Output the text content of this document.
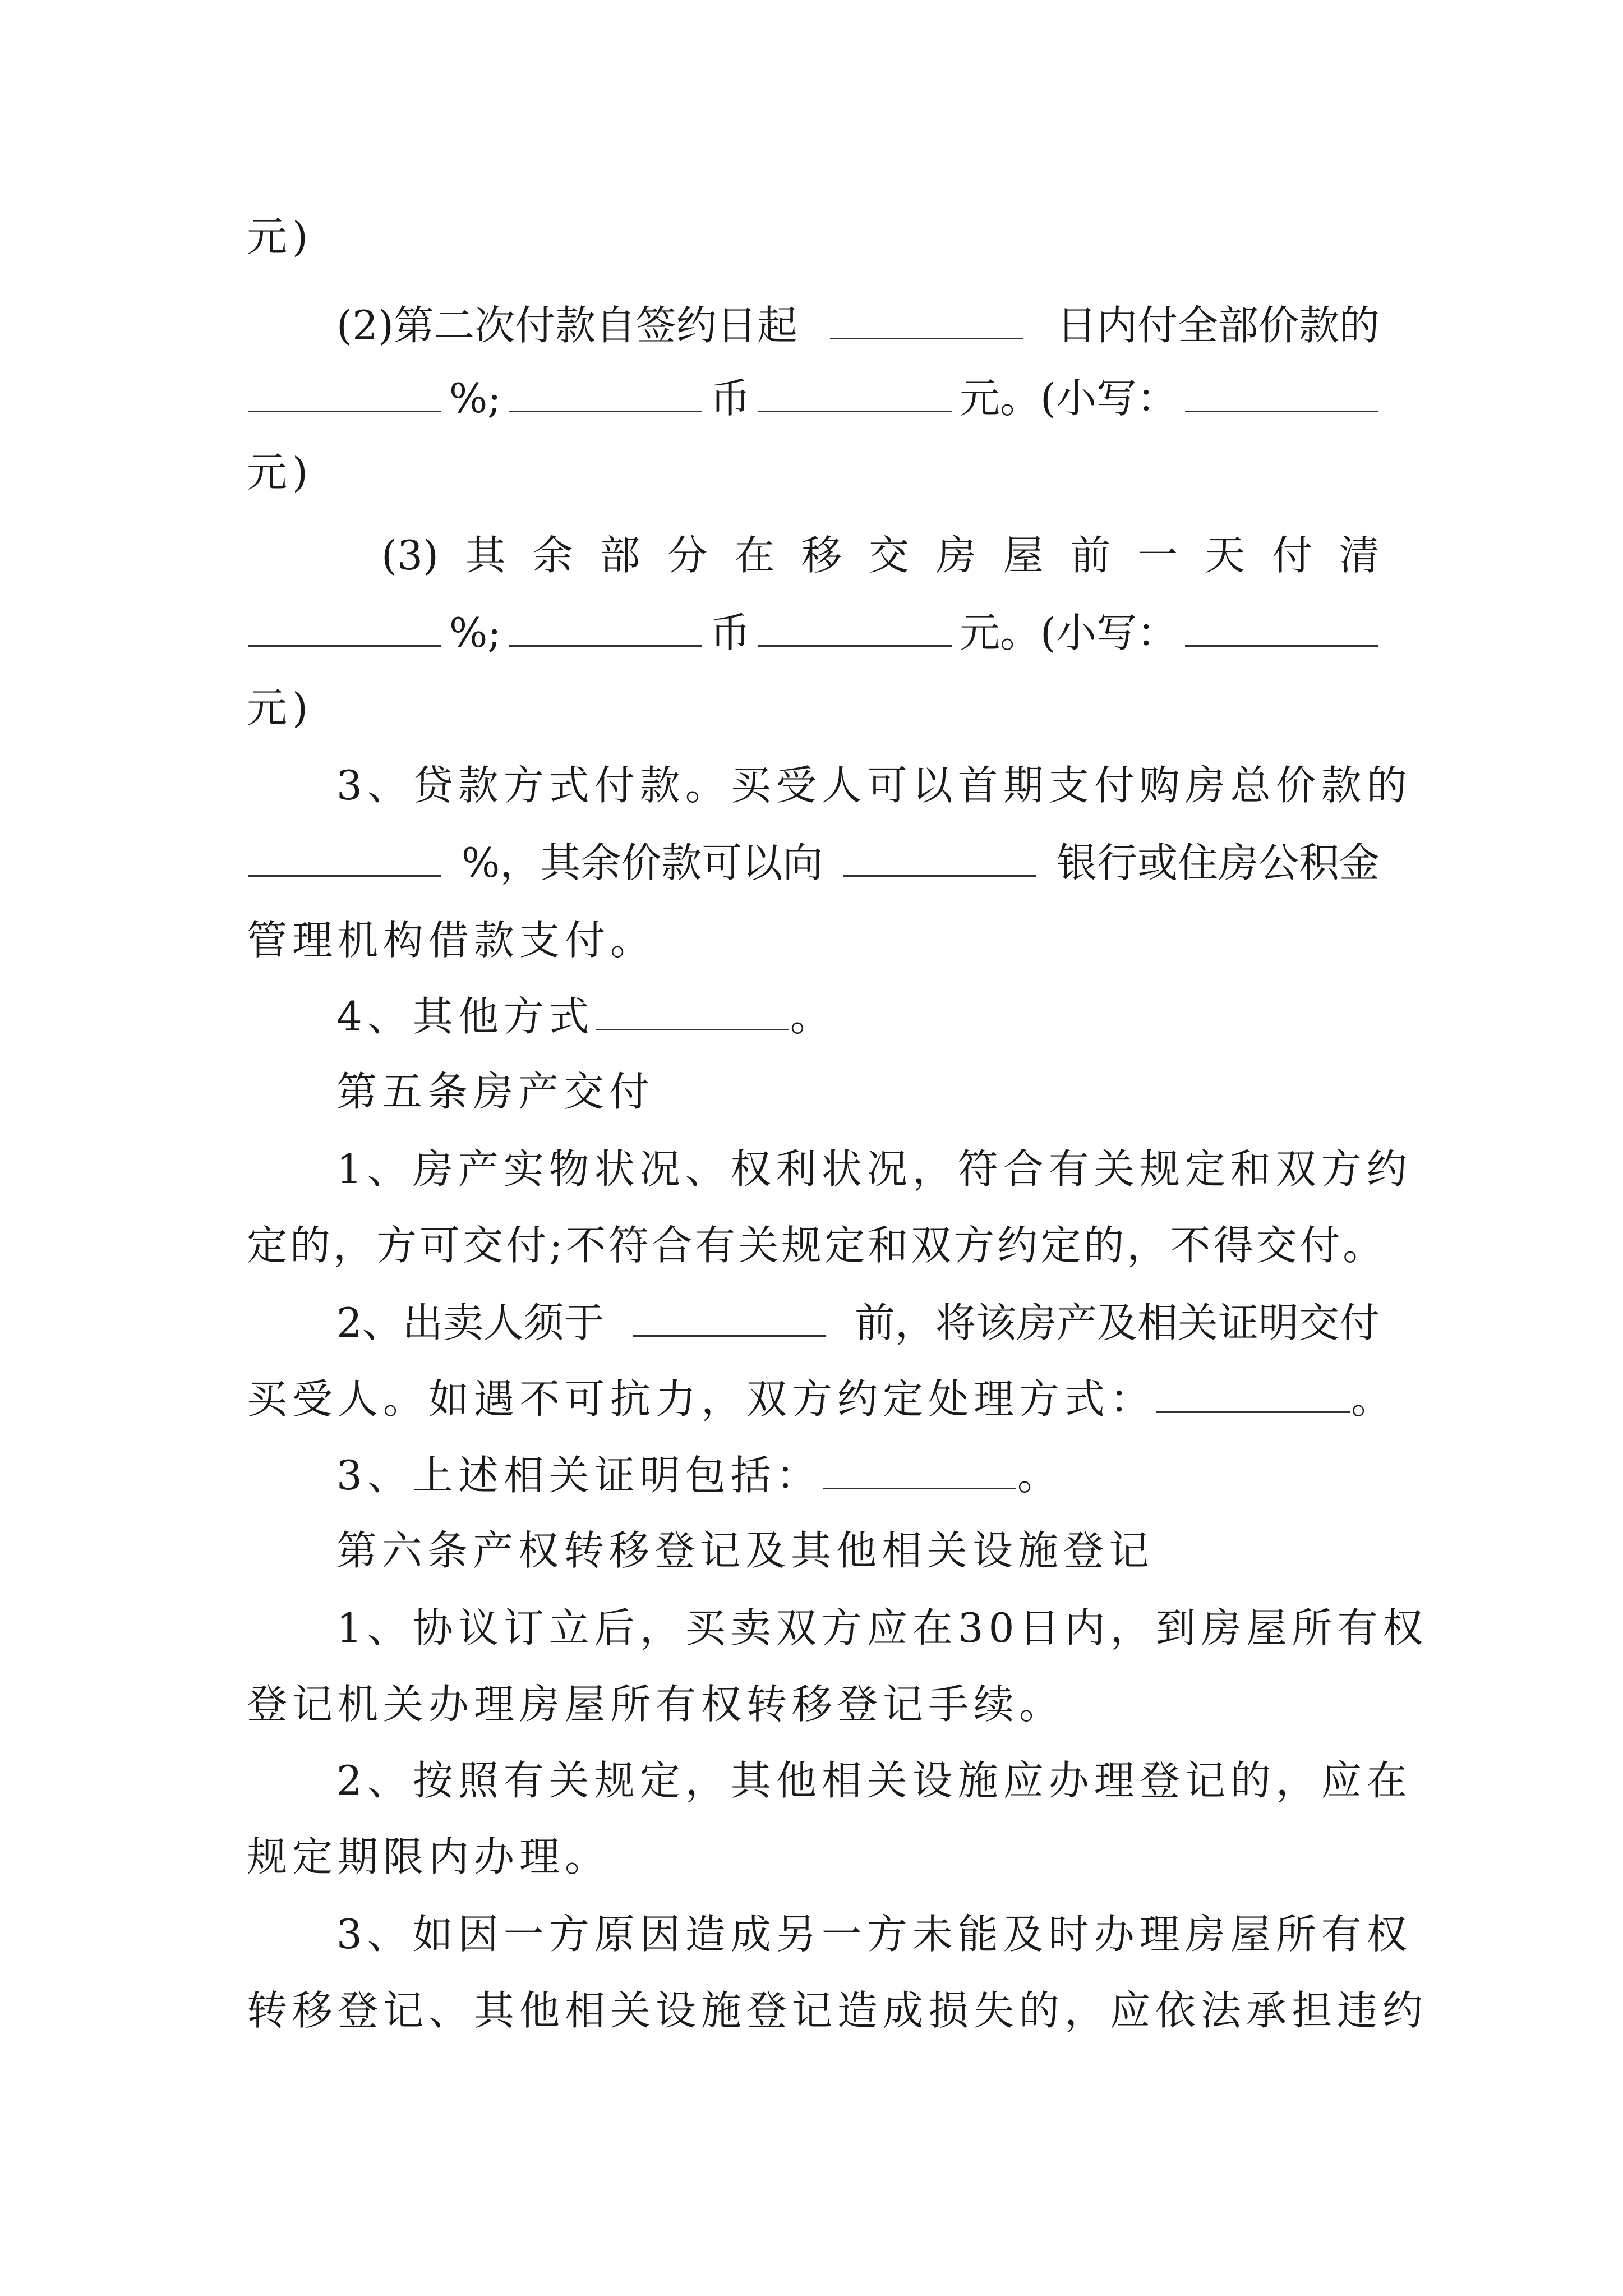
元)
(2)第二次付款自签约日起	日内付全部价款的
%;	币	元。(小写：
元)
(3) 其 余 部 分 在 移 交 房 屋 前 一 天 付 清
%;	币	元。(小写：
元)
3、贷款方式付款。买受人可以首期支付购房总价款的
%，其余价款可以向	银行或住房公积金
管理机构借款支付。
4、其他方式	。
第五条房产交付
1、房产实物状况、权利状况，符合有关规定和双方约
定的，方可交付;不符合有关规定和双方约定的，不得交付。
2、出卖人须于	前，将该房产及相关证明交付
买受人。如遇不可抗力，双方约定处理方式：	。
3、上述相关证明包括：	。
第六条产权转移登记及其他相关设施登记
1、协议订立后，买卖双方应在30日内，到房屋所有权
登记机关办理房屋所有权转移登记手续。
2、按照有关规定，其他相关设施应办理登记的，应在
规定期限内办理。
3、如因一方原因造成另一方未能及时办理房屋所有权
转移登记、其他相关设施登记造成损失的，应依法承担违约
